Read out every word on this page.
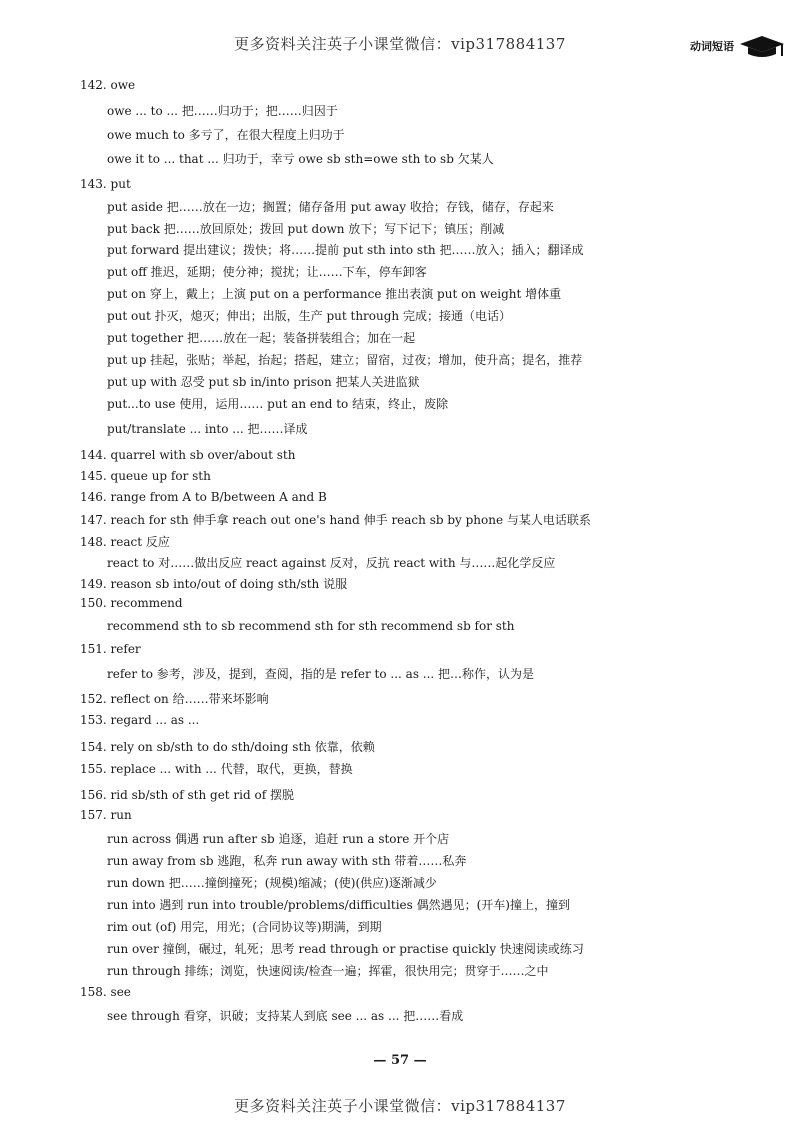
更多资料关注英子小课堂微信：vip317884137	动词短语
142. owe
owe ... to ... 把……归功于；把……归因于
owe much to 多亏了，在很大程度上归功于
owe it to ... that ... 归功于，幸亏 owe sb sth=owe sth to sb 欠某人
143. put
put aside 把……放在一边；搁置；储存备用 put away 收拾；存钱，储存，存起来
put back 把……放回原处；拨回 put down 放下；写下记下；镇压；削减
put forward 提出建议；拨快；将……提前 put sth into sth 把……放入；插入；翻译成
put off 推迟，延期；使分神；搅扰；让……下车，停车卸客
put on 穿上，戴上；上演 put on a performance 推出表演 put on weight 增体重
put out 扑灭，熄灭；伸出；出版，生产 put through 完成；接通（电话）
put together 把……放在一起；装备拼装组合；加在一起
put up 挂起，张贴；举起，抬起；搭起，建立；留宿，过夜；增加，使升高；提名，推荐
put up with 忍受 put sb in/into prison 把某人关进监狱
put...to use 使用，运用…… put an end to 结束，终止，废除
put/translate ... into ... 把……译成
144. quarrel with sb over/about sth
145. queue up for sth
146. range from A to B/between A and B
147. reach for sth 伸手拿 reach out one's hand 伸手 reach sb by phone 与某人电话联系
148. react 反应
react to 对……做出反应 react against 反对，反抗 react with 与……起化学反应
149. reason sb into/out of doing sth/sth 说服
150. recommend
recommend sth to sb recommend sth for sth recommend sb for sth
151. refer
refer to 参考，涉及，提到，查阅，指的是 refer to ... as ... 把…称作，认为是
152. reflect on 给……带来坏影响
153. regard ... as ...
154. rely on sb/sth to do sth/doing sth 依靠，依赖
155. replace ... with ... 代替，取代，更换，替换
156. rid sb/sth of sth get rid of 摆脱
157. run
run across 偶遇 run after sb 追逐，追赶 run a store 开个店
run away from sb 逃跑，私奔 run away with sth 带着……私奔
run down 把……撞倒撞死；(规模)缩减；(使)(供应)逐渐减少
run into 遇到 run into trouble/problems/difficulties 偶然遇见；(开车)撞上，撞到
rim out (of) 用完，用光；(合同协议等)期满，到期
run over 撞倒，碾过，轧死；思考 read through or practise quickly 快速阅读或练习
run through 排练；浏览，快速阅读/检查一遍；挥霍，很快用完；贯穿于……之中
158. see
see through 看穿，识破；支持某人到底 see ... as ... 把……看成
— 57 —
更多资料关注英子小课堂微信：vip317884137
